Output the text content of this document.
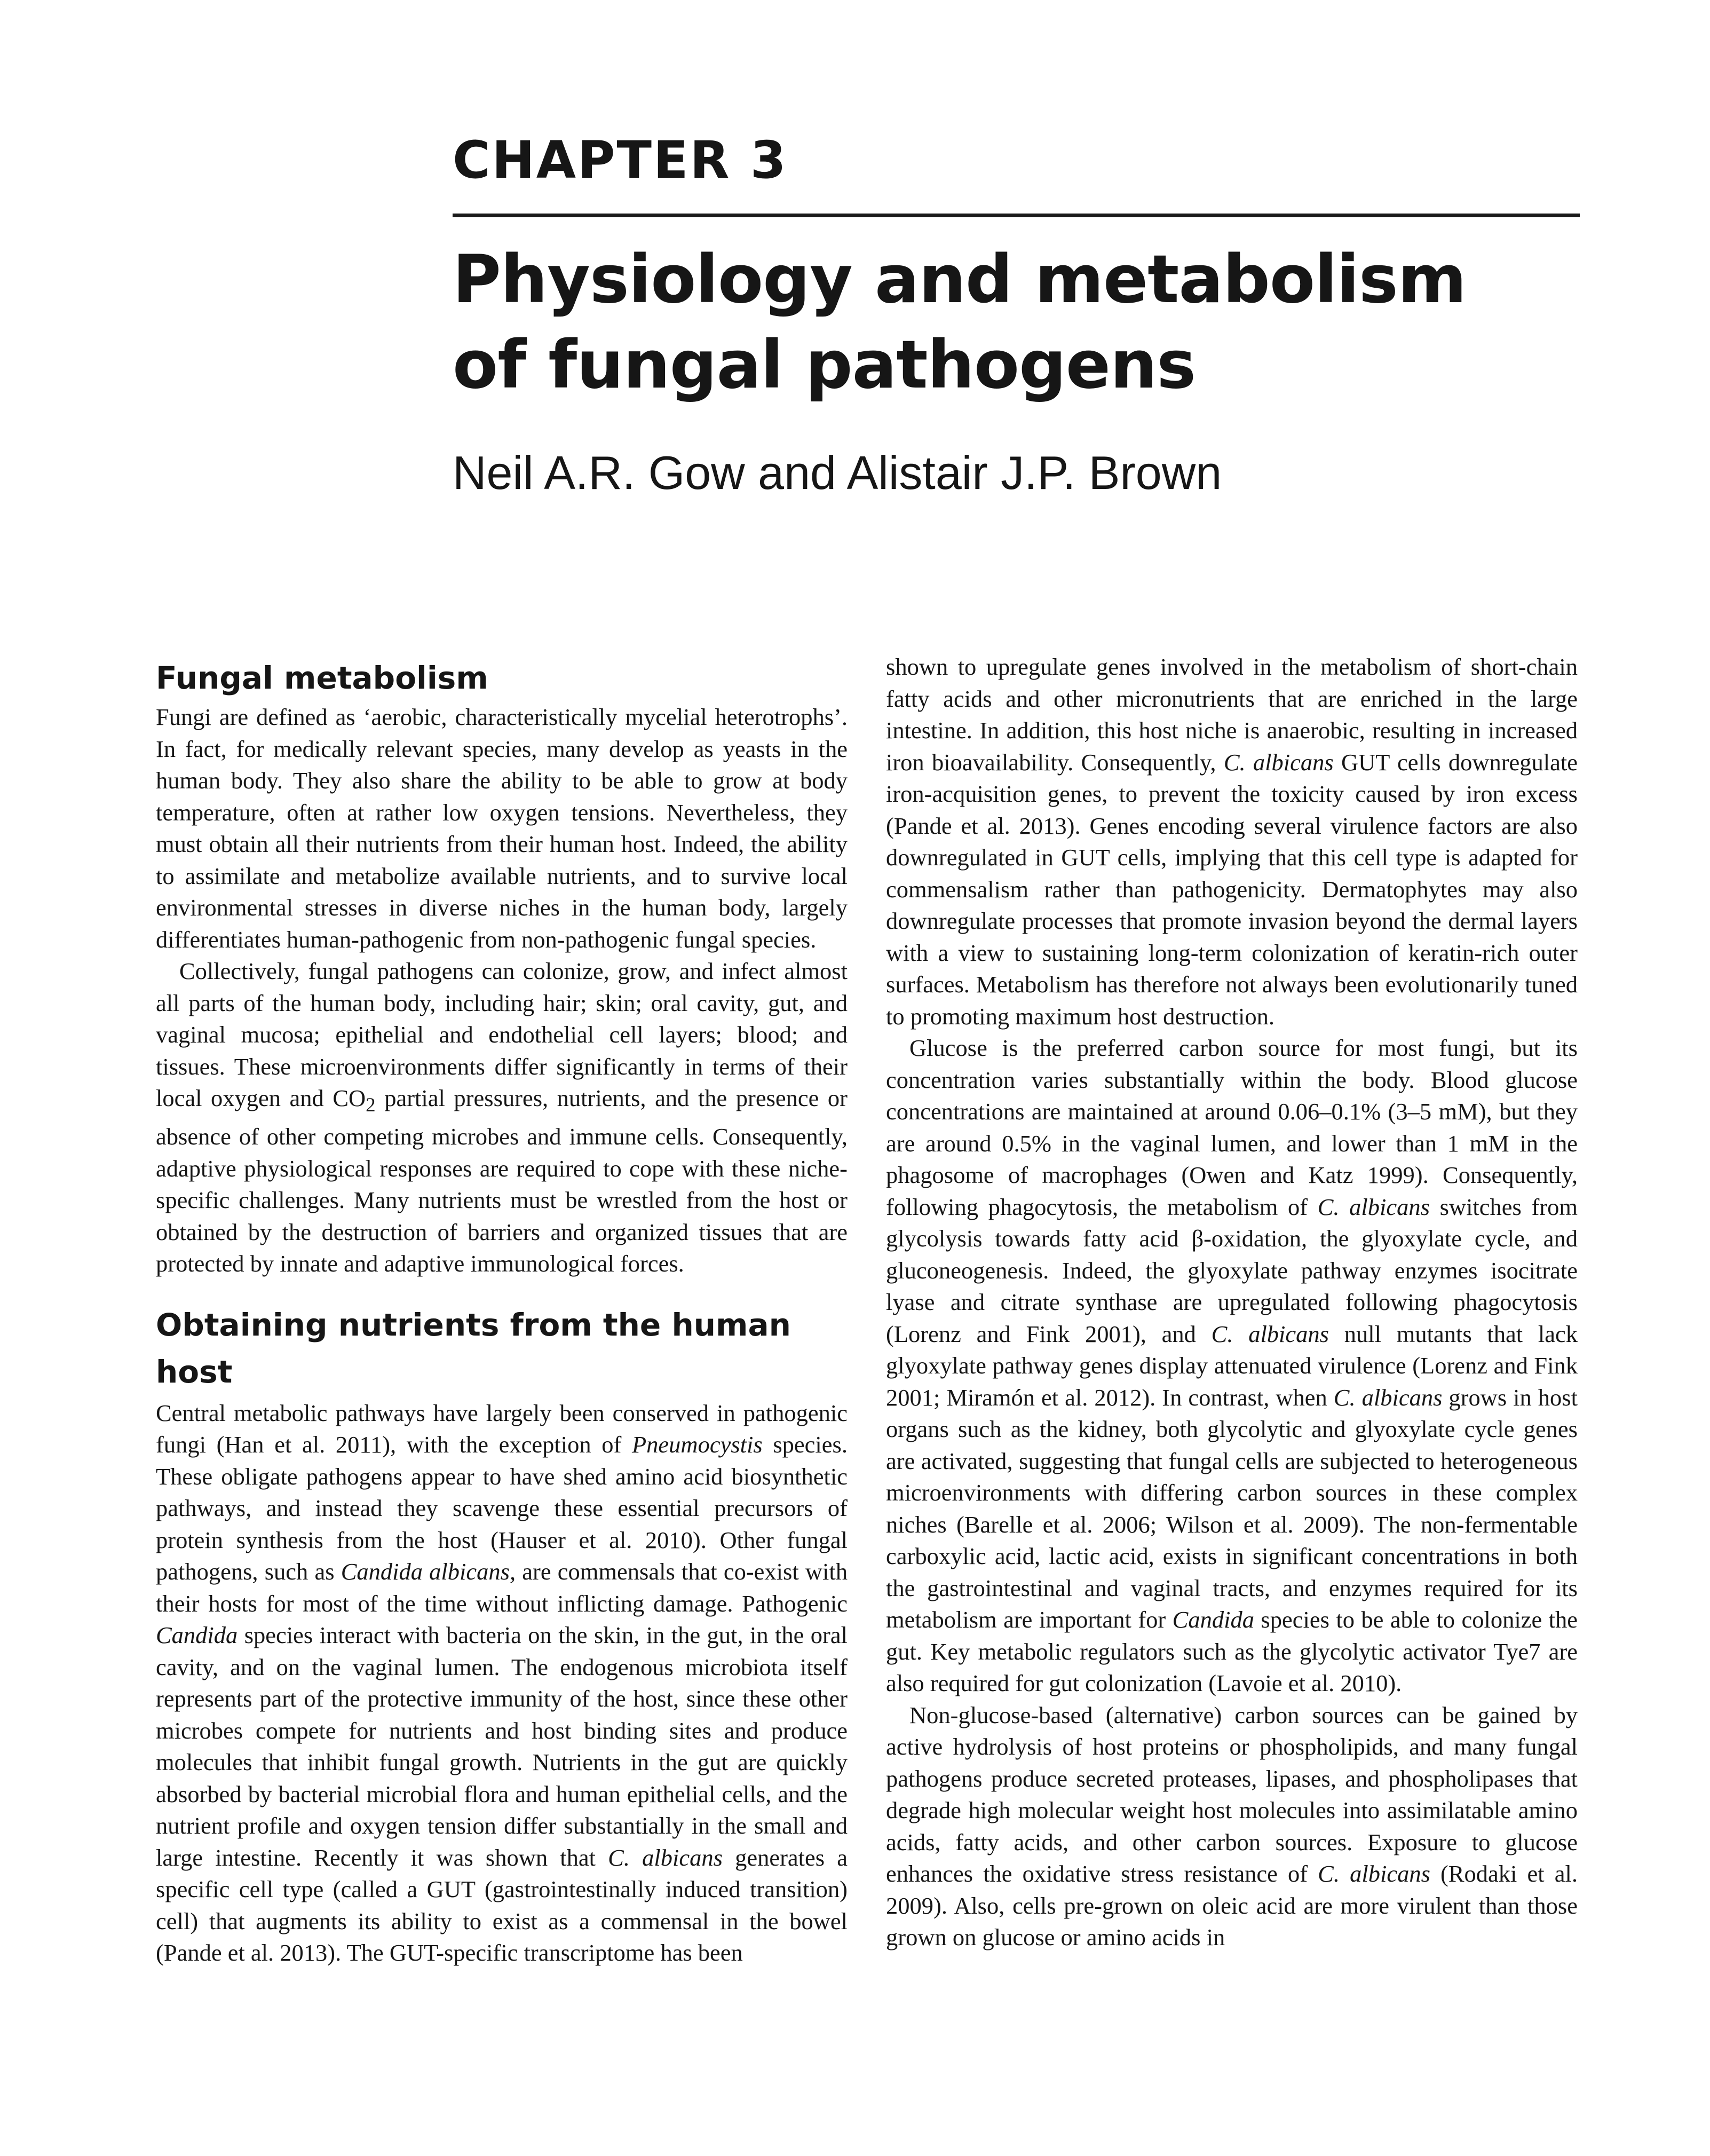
CHAPTER 3
Physiology and metabolism
of fungal pathogens

Neil A.R. Gow and Alistair J.P. Brown

Fungal metabolism

Fungi are defined as ‘aerobic, characteristically mycelial heterotrophs’. In fact, for medically relevant species, many develop as yeasts in the human body. They also share the ability to be able to grow at body temperature, often at rather low oxygen tensions. Nevertheless, they must obtain all their nutrients from their human host. Indeed, the ability to assimilate and metabolize available nutrients, and to survive local environmental stresses in diverse niches in the human body, largely differentiates human-pathogenic from non-pathogenic fungal species.

Collectively, fungal pathogens can colonize, grow, and infect almost all parts of the human body, including hair; skin; oral cavity, gut, and vaginal mucosa; epithelial and endothelial cell layers; blood; and tissues. These microenvironments differ significantly in terms of their local oxygen and $CO_2$ partial pressures, nutrients, and the presence or absence of other competing microbes and immune cells. Consequently, adaptive physiological responses are required to cope with these niche-specific challenges. Many nutrients must be wrestled from the host or obtained by the destruction of barriers and organized tissues that are protected by innate and adaptive immunological forces.

Obtaining nutrients from the human host

Central metabolic pathways have largely been conserved in pathogenic fungi (Han et al. 2011), with the exception of Pneumocystis species. These obligate pathogens appear to have shed amino acid biosynthetic pathways, and instead they scavenge these essential precursors of protein synthesis from the host (Hauser et al. 2010). Other fungal pathogens, such as Candida albicans, are commensals that co-exist with their hosts for most of the time without inflicting damage. Pathogenic Candida species interact with bacteria on the skin, in the gut, in the oral cavity, and on the vaginal lumen. The endogenous microbiota itself represents part of the protective immunity of the host, since these other microbes compete for nutrients and host binding sites and produce molecules that inhibit fungal growth. Nutrients in the gut are quickly absorbed by bacterial microbial flora and human epithelial cells, and the nutrient profile and oxygen tension differ substantially in the small and large intestine. Recently it was shown that C. albicans generates a specific cell type (called a GUT (gastrointestinally induced transition) cell) that augments its ability to exist as a commensal in the bowel (Pande et al. 2013). The GUT-specific transcriptome has been

shown to upregulate genes involved in the metabolism of short-chain fatty acids and other micronutrients that are enriched in the large intestine. In addition, this host niche is anaerobic, resulting in increased iron bioavailability. Consequently, C. albicans GUT cells downregulate iron-acquisition genes, to prevent the toxicity caused by iron excess (Pande et al. 2013). Genes encoding several virulence factors are also downregulated in GUT cells, implying that this cell type is adapted for commensalism rather than pathogenicity. Dermatophytes may also downregulate processes that promote invasion beyond the dermal layers with a view to sustaining long-term colonization of keratin-rich outer surfaces. Metabolism has therefore not always been evolutionarily tuned to promoting maximum host destruction.

Glucose is the preferred carbon source for most fungi, but its concentration varies substantially within the body. Blood glucose concentrations are maintained at around 0.06–0.1% (3–5 mM), but they are around 0.5% in the vaginal lumen, and lower than 1 mM in the phagosome of macrophages (Owen and Katz 1999). Consequently, following phagocytosis, the metabolism of C. albicans switches from glycolysis towards fatty acid β-oxidation, the glyoxylate cycle, and gluconeogenesis. Indeed, the glyoxylate pathway enzymes isocitrate lyase and citrate synthase are upregulated following phagocytosis (Lorenz and Fink 2001), and C. albicans null mutants that lack glyoxylate pathway genes display attenuated virulence (Lorenz and Fink 2001; Miramón et al. 2012). In contrast, when C. albicans grows in host organs such as the kidney, both glycolytic and glyoxylate cycle genes are activated, suggesting that fungal cells are subjected to heterogeneous microenvironments with differing carbon sources in these complex niches (Barelle et al. 2006; Wilson et al. 2009). The non-fermentable carboxylic acid, lactic acid, exists in significant concentrations in both the gastrointestinal and vaginal tracts, and enzymes required for its metabolism are important for Candida species to be able to colonize the gut. Key metabolic regulators such as the glycolytic activator Tye7 are also required for gut colonization (Lavoie et al. 2010).

Non-glucose-based (alternative) carbon sources can be gained by active hydrolysis of host proteins or phospholipids, and many fungal pathogens produce secreted proteases, lipases, and phospholipases that degrade high molecular weight host molecules into assimilatable amino acids, fatty acids, and other carbon sources. Exposure to glucose enhances the oxidative stress resistance of C. albicans (Rodaki et al. 2009). Also, cells pre-grown on oleic acid are more virulent than those grown on glucose or amino acids in
